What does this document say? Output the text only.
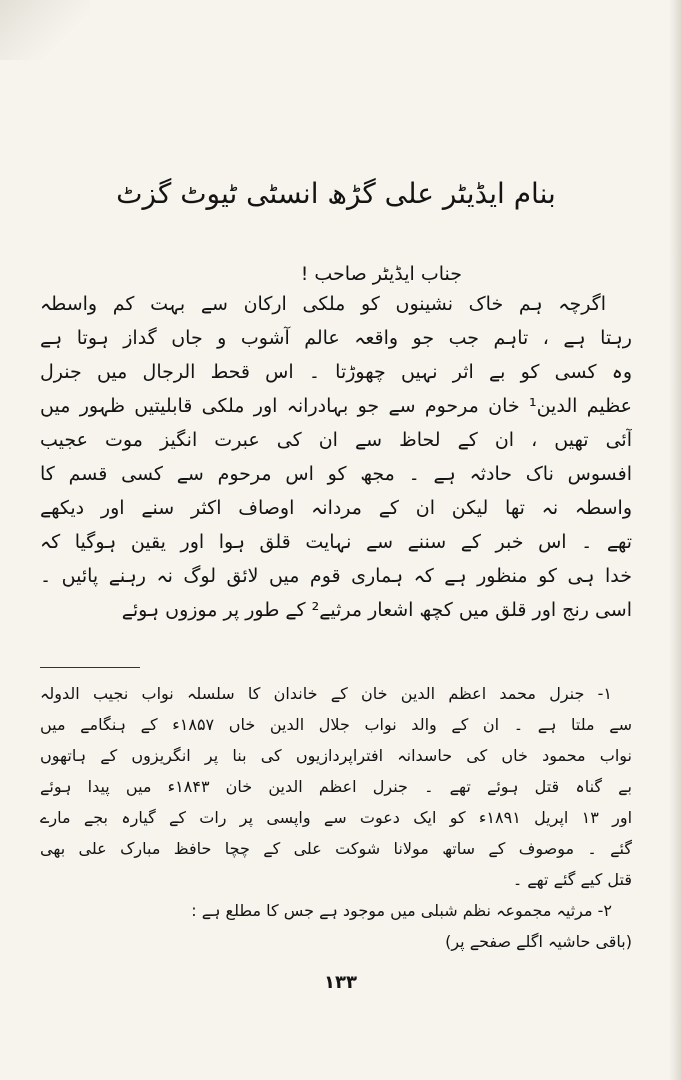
بنام ایڈیٹر علی گڑھ انسٹی ٹیوٹ گزٹ
جناب ایڈیٹر صاحب !
اگرچہ ہم خاک نشینوں کو ملکی ارکان سے بہت کم واسطہ
رہتا ہے ، تاہم جب جو واقعہ عالم آشوب و جاں گداز ہوتا ہے
وہ کسی کو بے اثر نہیں چھوڑتا ۔ اس قحط الرجال میں جنرل
عظیم الدین¹ خان مرحوم سے جو بہادرانہ اور ملکی قابلیتیں ظہور میں
آئی تھیں ، ان کے لحاظ سے ان کی عبرت انگیز موت عجیب
افسوس ناک حادثہ ہے ۔ مجھ کو اس مرحوم سے کسی قسم کا
واسطہ نہ تھا لیکن ان کے مردانہ اوصاف اکثر سنے اور دیکھے
تھے ۔ اس خبر کے سننے سے نہایت قلق ہوا اور یقین ہوگیا کہ
خدا ہی کو منظور ہے کہ ہماری قوم میں لائق لوگ نہ رہنے پائیں ۔
اسی رنج اور قلق میں کچھ اشعار مرثیے² کے طور پر موزوں ہوئے
۱- جنرل محمد اعظم الدین خان کے خاندان کا سلسلہ نواب نجیب الدولہ
سے ملتا ہے ۔ ان کے والد نواب جلال الدین خاں ۱۸۵۷ء کے ہنگامے میں
نواب محمود خاں کی حاسدانہ افتراپردازیوں کی بنا پر انگریزوں کے ہاتھوں
بے گناہ قتل ہوئے تھے ۔ جنرل اعظم الدین خان ۱۸۴۳ء میں پیدا ہوئے
اور ۱۳ اپریل ۱۸۹۱ء کو ایک دعوت سے واپسی پر رات کے گیارہ بجے مارے
گئے ۔ موصوف کے ساتھ مولانا شوکت علی کے چچا حافظ مبارک علی بھی
قتل کیے گئے تھے ۔
۲- مرثیہ مجموعہ نظم شبلی میں موجود ہے جس کا مطلع ہے :
(باقی حاشیہ اگلے صفحے پر)
۱۳۳
